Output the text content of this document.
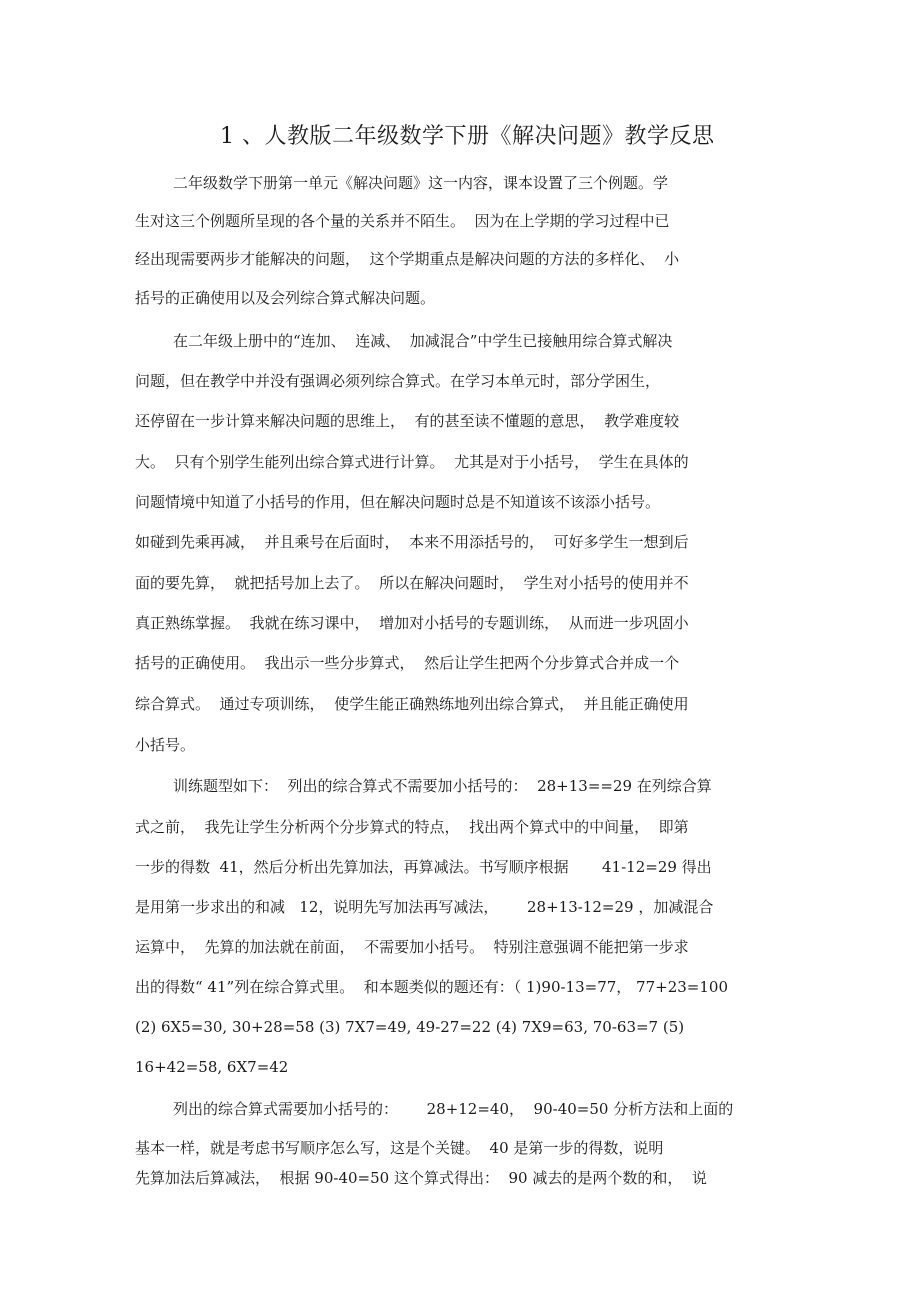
1 、人教版二年级数学下册《解决问题》教学反思
二年级数学下册第一单元《解决问题》这一内容，课本设置了三个例题。学
生对这三个例题所呈现的各个量的关系并不陌生。  因为在上学期的学习过程中已
经出现需要两步才能解决的问题，  这个学期重点是解决问题的方法的多样化、  小
括号的正确使用以及会列综合算式解决问题。
在二年级上册中的“连加、  连减、  加减混合”中学生已接触用综合算式解决
问题，但在教学中并没有强调必须列综合算式。在学习本单元时，部分学困生，
还停留在一步计算来解决问题的思维上，  有的甚至读不懂题的意思，  教学难度较
大。  只有个别学生能列出综合算式进行计算。  尤其是对于小括号，  学生在具体的
问题情境中知道了小括号的作用，但在解决问题时总是不知道该不该添小括号。
如碰到先乘再减，  并且乘号在后面时，  本来不用添括号的，  可好多学生一想到后
面的要先算，  就把括号加上去了。  所以在解决问题时，  学生对小括号的使用并不
真正熟练掌握。  我就在练习课中，  增加对小括号的专题训练，  从而进一步巩固小
括号的正确使用。  我出示一些分步算式，  然后让学生把两个分步算式合并成一个
综合算式。  通过专项训练，  使学生能正确熟练地列出综合算式，  并且能正确使用
小括号。
训练题型如下：  列出的综合算式不需要加小括号的：  28+13==29 在列综合算
式之前，  我先让学生分析两个分步算式的特点，  找出两个算式中的中间量，  即第
一步的得数  41，然后分析出先算加法，再算减法。书写顺序根据       41-12=29 得出
是用第一步求出的和减   12，说明先写加法再写减法，      28+13-12=29 ，加减混合
运算中，  先算的加法就在前面，  不需要加小括号。  特别注意强调不能把第一步求
出的得数“ 41”列在综合算式里。  和本题类似的题还有：（ 1)90-13=77， 77+23=100
(2) 6X5=30, 30+28=58 (3) 7X7=49, 49-27=22 (4) 7X9=63, 70-63=7 (5)
16+42=58, 6X7=42
列出的综合算式需要加小括号的：      28+12=40，  90-40=50 分析方法和上面的
基本一样，就是考虑书写顺序怎么写，这是个关键。  40 是第一步的得数，说明
先算加法后算减法，  根据 90-40=50 这个算式得出：  90 减去的是两个数的和，  说
